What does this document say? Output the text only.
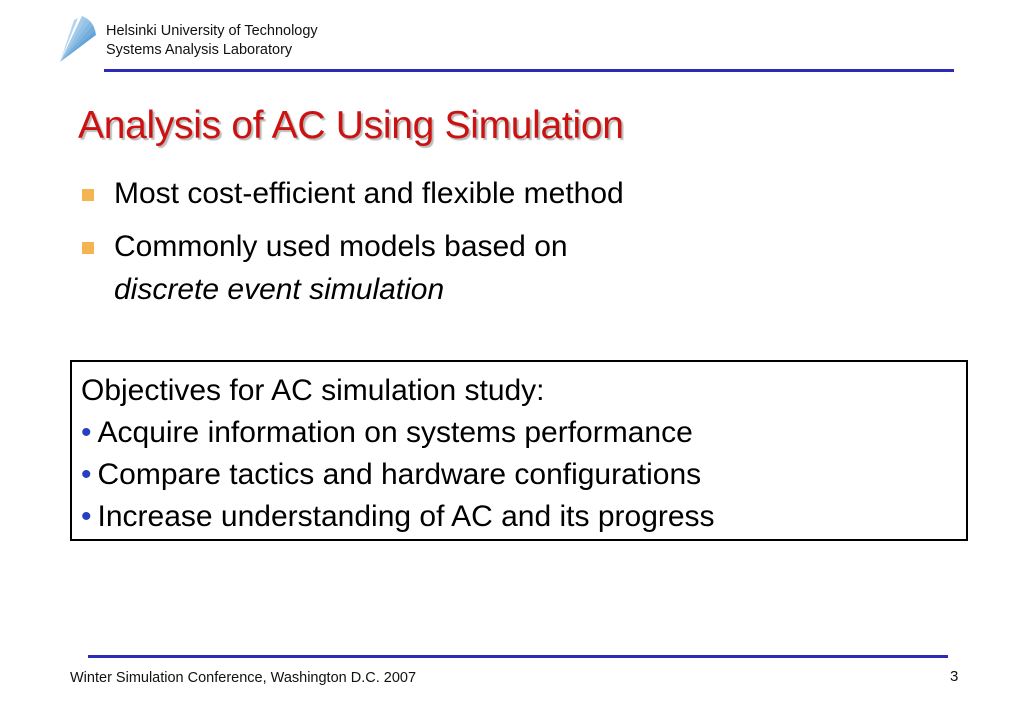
Helsinki University of Technology
Systems Analysis Laboratory
Analysis of AC Using Simulation
Most cost-efficient and flexible method
Commonly used models based on
discrete event simulation
Objectives for AC simulation study:
• Acquire information on systems performance
• Compare tactics and hardware configurations
• Increase understanding of AC and its progress
Winter Simulation Conference, Washington D.C. 2007	3
